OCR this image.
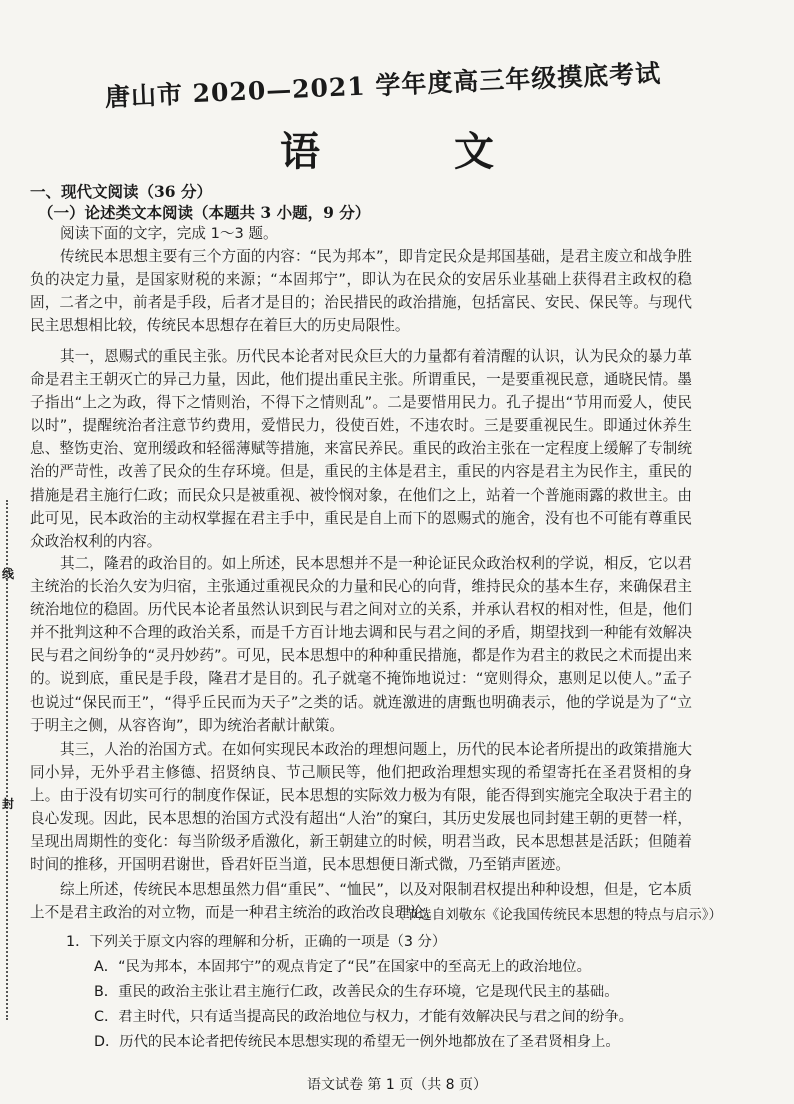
唐山市 2020—2021 学年度高三年级摸底考试
语 文
一、现代文阅读（36 分）
（一）论述类文本阅读（本题共 3 小题，9 分）
阅读下面的文字，完成 1～3 题。
传统民本思想主要有三个方面的内容：“民为邦本”，即肯定民众是邦国基础，是君主废立和战争胜负的决定力量，是国家财税的来源；“本固邦宁”，即认为在民众的安居乐业基础上获得君主政权的稳固，二者之中，前者是手段，后者才是目的；治民措民的政治措施，包括富民、安民、保民等。与现代民主思想相比较，传统民本思想存在着巨大的历史局限性。
其一，恩赐式的重民主张。历代民本论者对民众巨大的力量都有着清醒的认识，认为民众的暴力革命是君主王朝灭亡的异己力量，因此，他们提出重民主张。所谓重民，一是要重视民意，通晓民情。墨子指出“上之为政，得下之情则治，不得下之情则乱”。二是要惜用民力。孔子提出“节用而爱人，使民以时”，提醒统治者注意节约费用，爱惜民力，役使百姓，不违农时。三是要重视民生。即通过休养生息、整饬吏治、宽刑缓政和轻徭薄赋等措施，来富民养民。重民的政治主张在一定程度上缓解了专制统治的严苛性，改善了民众的生存环境。但是，重民的主体是君主，重民的内容是君主为民作主，重民的措施是君主施行仁政；而民众只是被重视、被怜悯对象，在他们之上，站着一个普施雨露的救世主。由此可见，民本政治的主动权掌握在君主手中，重民是自上而下的恩赐式的施舍，没有也不可能有尊重民众政治权利的内容。
其二，隆君的政治目的。如上所述，民本思想并不是一种论证民众政治权利的学说，相反，它以君主统治的长治久安为归宿，主张通过重视民众的力量和民心的向背，维持民众的基本生存，来确保君主统治地位的稳固。历代民本论者虽然认识到民与君之间对立的关系，并承认君权的相对性，但是，他们并不批判这种不合理的政治关系，而是千方百计地去调和民与君之间的矛盾，期望找到一种能有效解决民与君之间纷争的“灵丹妙药”。可见，民本思想中的种种重民措施，都是作为君主的救民之术而提出来的。说到底，重民是手段，隆君才是目的。孔子就毫不掩饰地说过：“宽则得众，惠则足以使人。”孟子也说过“保民而王”，“得乎丘民而为天子”之类的话。就连激进的唐甄也明确表示，他的学说是为了“立于明主之侧，从容咨询”，即为统治者献计献策。
其三，人治的治国方式。在如何实现民本政治的理想问题上，历代的民本论者所提出的政策措施大同小异，无外乎君主修德、招贤纳良、节己顺民等，他们把政治理想实现的希望寄托在圣君贤相的身上。由于没有切实可行的制度作保证，民本思想的实际效力极为有限，能否得到实施完全取决于君主的良心发现。因此，民本思想的治国方式没有超出“人治”的窠臼，其历史发展也同封建王朝的更替一样，呈现出周期性的变化：每当阶级矛盾激化，新王朝建立的时候，明君当政，民本思想甚是活跃；但随着时间的推移，开国明君谢世，昏君奸臣当道，民本思想便日渐式微，乃至销声匿迹。
综上所述，传统民本思想虽然力倡“重民”、“恤民”，以及对限制君权提出种种设想，但是，它本质上不是君主政治的对立物，而是一种君主统治的政治改良理论。
（节选自刘敬东《论我国传统民本思想的特点与启示》）
1．下列关于原文内容的理解和分析，正确的一项是（3 分）
A．“民为邦本，本固邦宁”的观点肯定了“民”在国家中的至高无上的政治地位。
B．重民的政治主张让君主施行仁政，改善民众的生存环境，它是现代民主的基础。
C．君主时代，只有适当提高民的政治地位与权力，才能有效解决民与君之间的纷争。
D．历代的民本论者把传统民本思想实现的希望无一例外地都放在了圣君贤相身上。
语文试卷 第 1 页（共 8 页）
线
封
